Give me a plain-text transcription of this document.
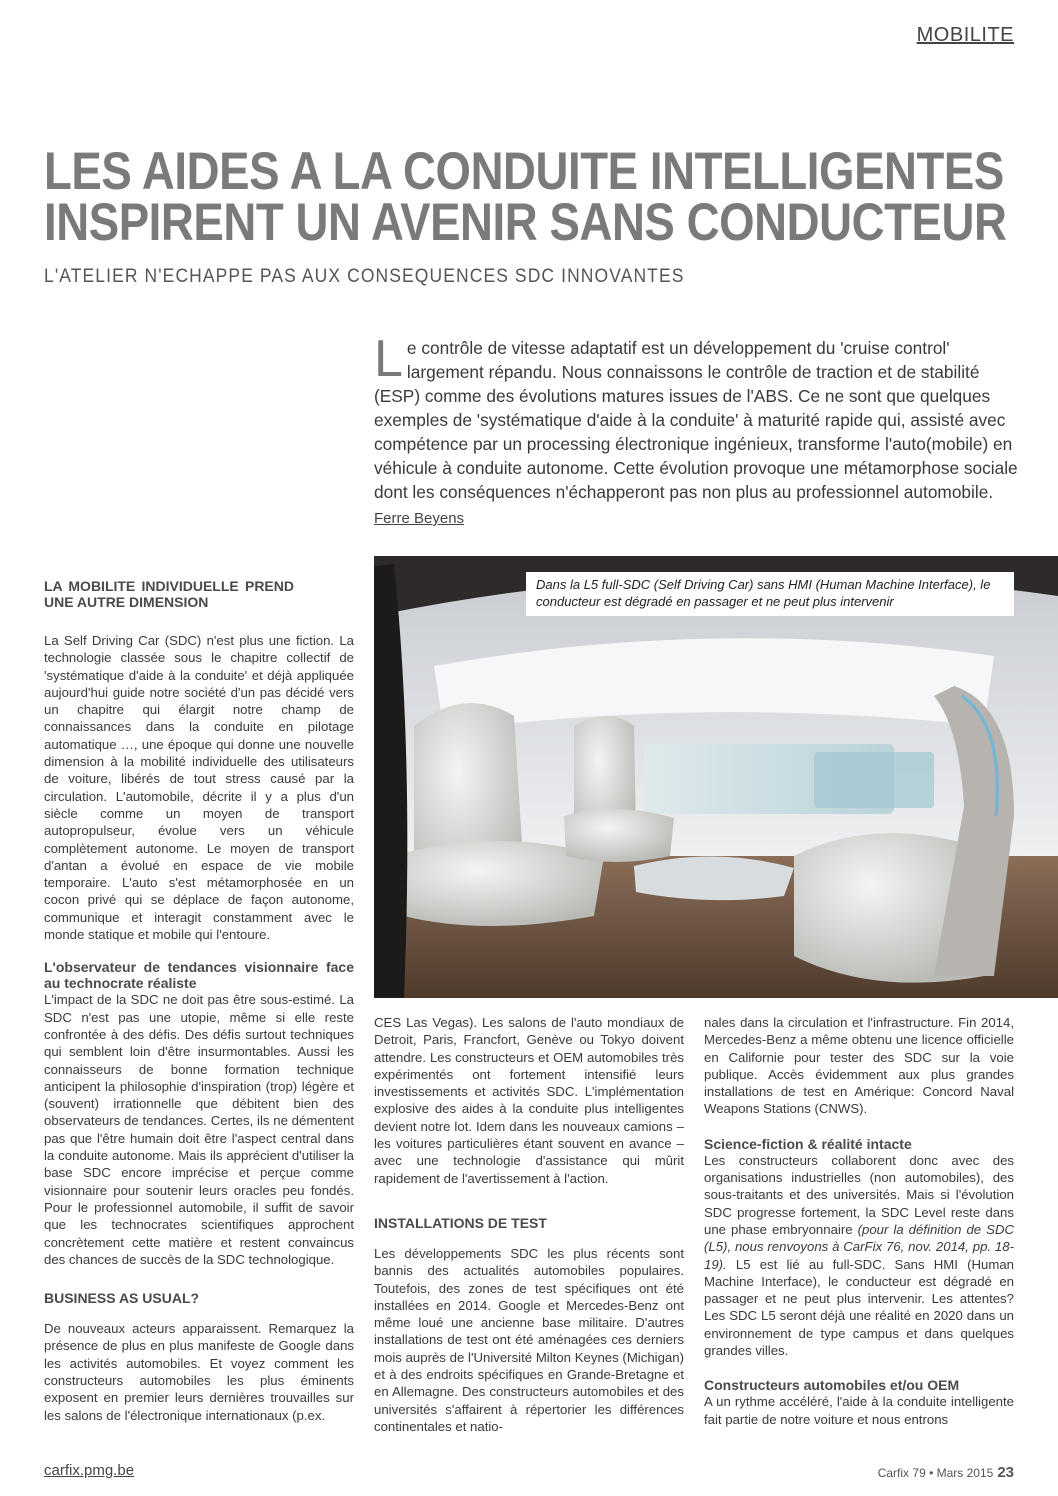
MOBILITE
LES AIDES A LA CONDUITE INTELLIGENTES
INSPIRENT UN AVENIR SANS CONDUCTEUR
L'ATELIER N'ECHAPPE PAS AUX CONSEQUENCES SDC INNOVANTES
L e contrôle de vitesse adaptatif est un développement du 'cruise control' largement répandu. Nous connaissons le contrôle de traction et de stabilité (ESP) comme des évolutions matures issues de l'ABS. Ce ne sont que quelques exemples de 'systématique d'aide à la conduite' à maturité rapide qui, assisté avec compétence par un processing électronique ingénieux, transforme l'auto(mobile) en véhicule à conduite autonome. Cette évolution provoque une métamorphose sociale dont les conséquences n'échapperont pas non plus au professionnel automobile.
Ferre Beyens
Dans la L5 full-SDC (Self Driving Car) sans HMI (Human Machine Interface), le conducteur est dégradé en passager et ne peut plus intervenir
LA MOBILITE INDIVIDUELLE PREND UNE AUTRE DIMENSION

La Self Driving Car (SDC) n'est plus une fiction. La technologie classée sous le chapitre collectif de 'systématique d'aide à la conduite' et déjà appliquée aujourd'hui guide notre société d'un pas décidé vers un chapitre qui élargit notre champ de connaissances dans la conduite en pilotage automatique …, une époque qui donne une nouvelle dimension à la mobilité individuelle des utilisateurs de voiture, libérés de tout stress causé par la circulation. L'automobile, décrite il y a plus d'un siècle comme un moyen de transport autopropulseur, évolue vers un véhicule complètement autonome. Le moyen de transport d'antan a évolué en espace de vie mobile temporaire. L'auto s'est métamorphosée en un cocon privé qui se déplace de façon autonome, communique et interagit constamment avec le monde statique et mobile qui l'entoure.

L'observateur de tendances visionnaire face au technocrate réaliste

L'impact de la SDC ne doit pas être sous-estimé. La SDC n'est pas une utopie, même si elle reste confrontée à des défis. Des défis surtout techniques qui semblent loin d'être insurmontables. Aussi les connaisseurs de bonne formation technique anticipent la philosophie d'inspiration (trop) légère et (souvent) irrationnelle que débitent bien des observateurs de tendances. Certes, ils ne démentent pas que l'être humain doit être l'aspect central dans la conduite autonome. Mais ils apprécient d'utiliser la base SDC encore imprécise et perçue comme visionnaire pour soutenir leurs oracles peu fondés. Pour le professionnel automobile, il suffit de savoir que les technocrates scientifiques approchent concrètement cette matière et restent convaincus des chances de succès de la SDC technologique.

BUSINESS AS USUAL?

De nouveaux acteurs apparaissent. Remarquez la présence de plus en plus manifeste de Google dans les activités automobiles. Et voyez comment les constructeurs automobiles les plus éminents exposent en premier leurs dernières trouvailles sur les salons de l'électronique internationaux (p.ex.

CES Las Vegas). Les salons de l'auto mondiaux de Detroit, Paris, Francfort, Genève ou Tokyo doivent attendre. Les constructeurs et OEM automobiles très expérimentés ont fortement intensifié leurs investissements et activités SDC. L'implémentation explosive des aides à la conduite plus intelligentes devient notre lot. Idem dans les nouveaux camions – les voitures particulières étant souvent en avance – avec une technologie d'assistance qui mûrit rapidement de l'avertissement à l'action.

INSTALLATIONS DE TEST

Les développements SDC les plus récents sont bannis des actualités automobiles populaires. Toutefois, des zones de test spécifiques ont été installées en 2014. Google et Mercedes-Benz ont même loué une ancienne base militaire. D'autres installations de test ont été aménagées ces derniers mois auprès de l'Université Milton Keynes (Michigan) et à des endroits spécifiques en Grande-Bretagne et en Allemagne. Des constructeurs automobiles et des universités s'affairent à répertorier les différences continentales et natio-

nales dans la circulation et l'infrastructure. Fin 2014, Mercedes-Benz a même obtenu une licence officielle en Californie pour tester des SDC sur la voie publique. Accès évidemment aux plus grandes installations de test en Amérique: Concord Naval Weapons Stations (CNWS).

Science-fiction & réalité intacte

Les constructeurs collaborent donc avec des organisations industrielles (non automobiles), des sous-traitants et des universités. Mais si l'évolution SDC progresse fortement, la SDC Level reste dans une phase embryonnaire (pour la définition de SDC (L5), nous renvoyons à CarFix 76, nov. 2014, pp. 18-19). L5 est lié au full-SDC. Sans HMI (Human Machine Interface), le conducteur est dégradé en passager et ne peut plus intervenir. Les attentes? Les SDC L5 seront déjà une réalité en 2020 dans un environnement de type campus et dans quelques grandes villes.

Constructeurs automobiles et/ou OEM

A un rythme accéléré, l'aide à la conduite intelligente fait partie de notre voiture et nous entrons

carfix.pmg.be	Carfix 79 • Mars 2015 23
